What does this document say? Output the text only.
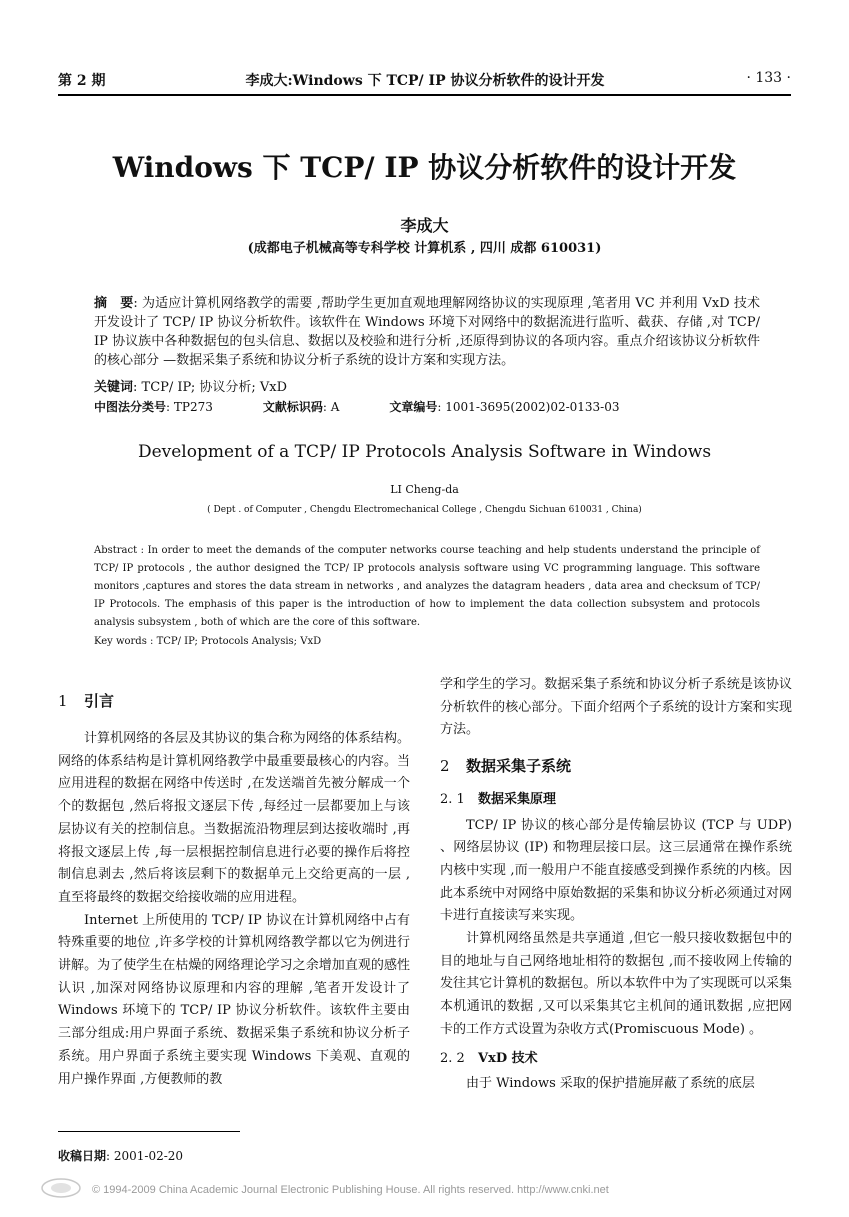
第 2 期	李成大:Windows 下 TCP/ IP 协议分析软件的设计开发	· 133 ·
Windows 下 TCP/ IP 协议分析软件的设计开发
李成大
(成都电子机械高等专科学校 计算机系 , 四川 成都 610031)
摘　要: 为适应计算机网络教学的需要 ,帮助学生更加直观地理解网络协议的实现原理 ,笔者用 VC 并利用 VxD 技术开发设计了 TCP/ IP 协议分析软件。该软件在 Windows 环境下对网络中的数据流进行监听、截获、存储 ,对 TCP/ IP 协议族中各种数据包的包头信息、数据以及校验和进行分析 ,还原得到协议的各项内容。重点介绍该协议分析软件的核心部分 —数据采集子系统和协议分析子系统的设计方案和实现方法。
关键词: TCP/ IP; 协议分析; VxD
中图法分类号: TP273	文献标识码: A	文章编号: 1001-3695(2002)02-0133-03
Development of a TCP/ IP Protocols Analysis Software in Windows
LI Cheng-da
( Dept . of Computer , Chengdu Electromechanical College , Chengdu Sichuan 610031 , China)
Abstract : In order to meet the demands of the computer networks course teaching and help students understand the principle of TCP/ IP protocols , the author designed the TCP/ IP protocols analysis software using VC programming language. This software monitors ,captures and stores the data stream in networks , and analyzes the datagram headers , data area and checksum of TCP/ IP Protocols. The emphasis of this paper is the introduction of how to implement the data collection subsystem and protocols analysis subsystem , both of which are the core of this software.
Key words : TCP/ IP; Protocols Analysis; VxD
1 引言

计算机网络的各层及其协议的集合称为网络的体系结构。网络的体系结构是计算机网络教学中最重要最核心的内容。当应用进程的数据在网络中传送时 ,在发送端首先被分解成一个个的数据包 ,然后将报文逐层下传 ,每经过一层都要加上与该层协议有关的控制信息。当数据流沿物理层到达接收端时 ,再将报文逐层上传 ,每一层根据控制信息进行必要的操作后将控制信息剥去 ,然后将该层剩下的数据单元上交给更高的一层 ,直至将最终的数据交给接收端的应用进程。

Internet 上所使用的 TCP/ IP 协议在计算机网络中占有特殊重要的地位 ,许多学校的计算机网络教学都以它为例进行讲解。为了使学生在枯燥的网络理论学习之余增加直观的感性认识 ,加深对网络协议原理和内容的理解 ,笔者开发设计了 Windows 环境下的 TCP/ IP 协议分析软件。该软件主要由三部分组成:用户界面子系统、数据采集子系统和协议分析子系统。用户界面子系统主要实现 Windows 下美观、直观的用户操作界面 ,方便教师的教

学和学生的学习。数据采集子系统和协议分析子系统是该协议分析软件的核心部分。下面介绍两个子系统的设计方案和实现方法。

2 数据采集子系统
2. 1 数据采集原理

TCP/ IP 协议的核心部分是传输层协议 (TCP 与 UDP) 、网络层协议 (IP) 和物理层接口层。这三层通常在操作系统内核中实现 ,而一般用户不能直接感受到操作系统的内核。因此本系统中对网络中原始数据的采集和协议分析必须通过对网卡进行直接读写来实现。

计算机网络虽然是共享通道 ,但它一般只接收数据包中的目的地址与自己网络地址相符的数据包 ,而不接收网上传输的发往其它计算机的数据包。所以本软件中为了实现既可以采集本机通讯的数据 ,又可以采集其它主机间的通讯数据 ,应把网卡的工作方式设置为杂收方式(Promiscuous Mode) 。

2. 2 VxD 技术

由于 Windows 采取的保护措施屏蔽了系统的底层

收稿日期: 2001-02-20
© 1994-2009 China Academic Journal Electronic Publishing House. All rights reserved. http://www.cnki.net
